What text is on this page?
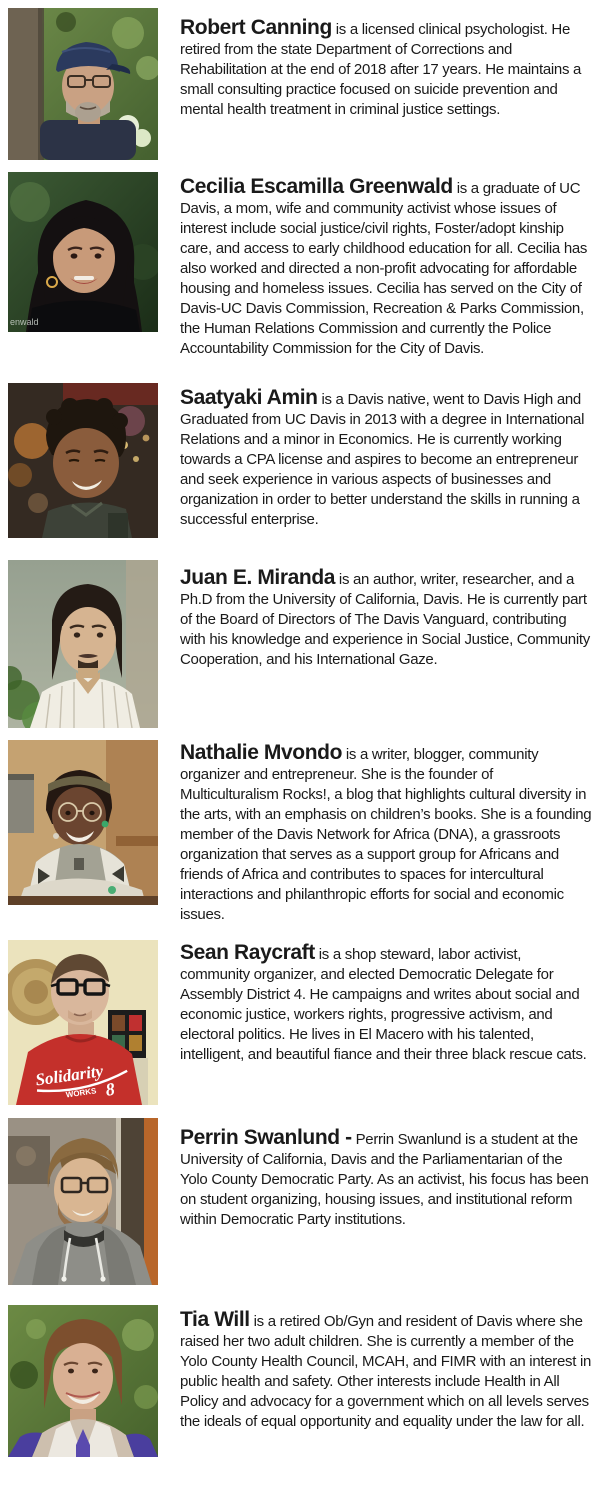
Robert Canning is a licensed clinical psychologist. He retired from the state Department of Corrections and Rehabilitation at the end of 2018 after 17 years. He maintains a small consulting practice focused on suicide prevention and mental health treatment in criminal justice settings.
enwald
Cecilia Escamilla Greenwald is a graduate of UC Davis, a mom, wife and community activist whose issues of interest include social justice/civil rights, Foster/adopt kinship care, and access to early childhood education for all. Cecilia has also worked and directed a non-profit advocating for affordable housing and homeless issues. Cecilia has served on the City of Davis-UC Davis Commission, Recreation & Parks Commission, the Human Relations Commission and currently the Police Accountability Commission for the City of Davis.
Saatyaki Amin is a Davis native, went to Davis High and Graduated from UC Davis in 2013 with a degree in International Relations and a minor in Economics. He is currently working towards a CPA license and aspires to become an entrepreneur and seek experience in various aspects of businesses and organization in order to better understand the skills in running a successful enterprise.
Juan E. Miranda is an author, writer, researcher, and a Ph.D from the University of California, Davis. He is currently part of the Board of Directors of The Davis Vanguard, contributing with his knowledge and experience in Social Justice, Community Cooperation, and his International Gaze.
Nathalie Mvondo is a writer, blogger, community organizer and entrepreneur. She is the founder of Multiculturalism Rocks!, a blog that highlights cultural diversity in the arts, with an emphasis on children’s books. She is a founding member of the Davis Network for Africa (DNA), a grassroots organization that serves as a support group for Africans and friends of Africa and contributes to spaces for intercultural interactions and philanthropic efforts for social and economic issues.
Solidarity
WORKS 8
Sean Raycraft is a shop steward, labor activist, community organizer, and elected Democratic Delegate for Assembly District 4. He campaigns and writes about social and economic justice, workers rights, progressive activism, and electoral politics. He lives in El Macero with his talented, intelligent, and beautiful fiance and their three black rescue cats.
Perrin Swanlund - Perrin Swanlund is a student at the University of California, Davis and the Parliamentarian of the Yolo County Democratic Party. As an activist, his focus has been on student organizing, housing issues, and institutional reform within Democratic Party institutions.
Tia Will is a retired Ob/Gyn and resident of Davis where she raised her two adult children. She is currently a member of the Yolo County Health Council, MCAH, and FIMR with an interest in public health and safety. Other interests include Health in All Policy and advocacy for a government which on all levels serves the ideals of equal opportunity and equality under the law for all.
